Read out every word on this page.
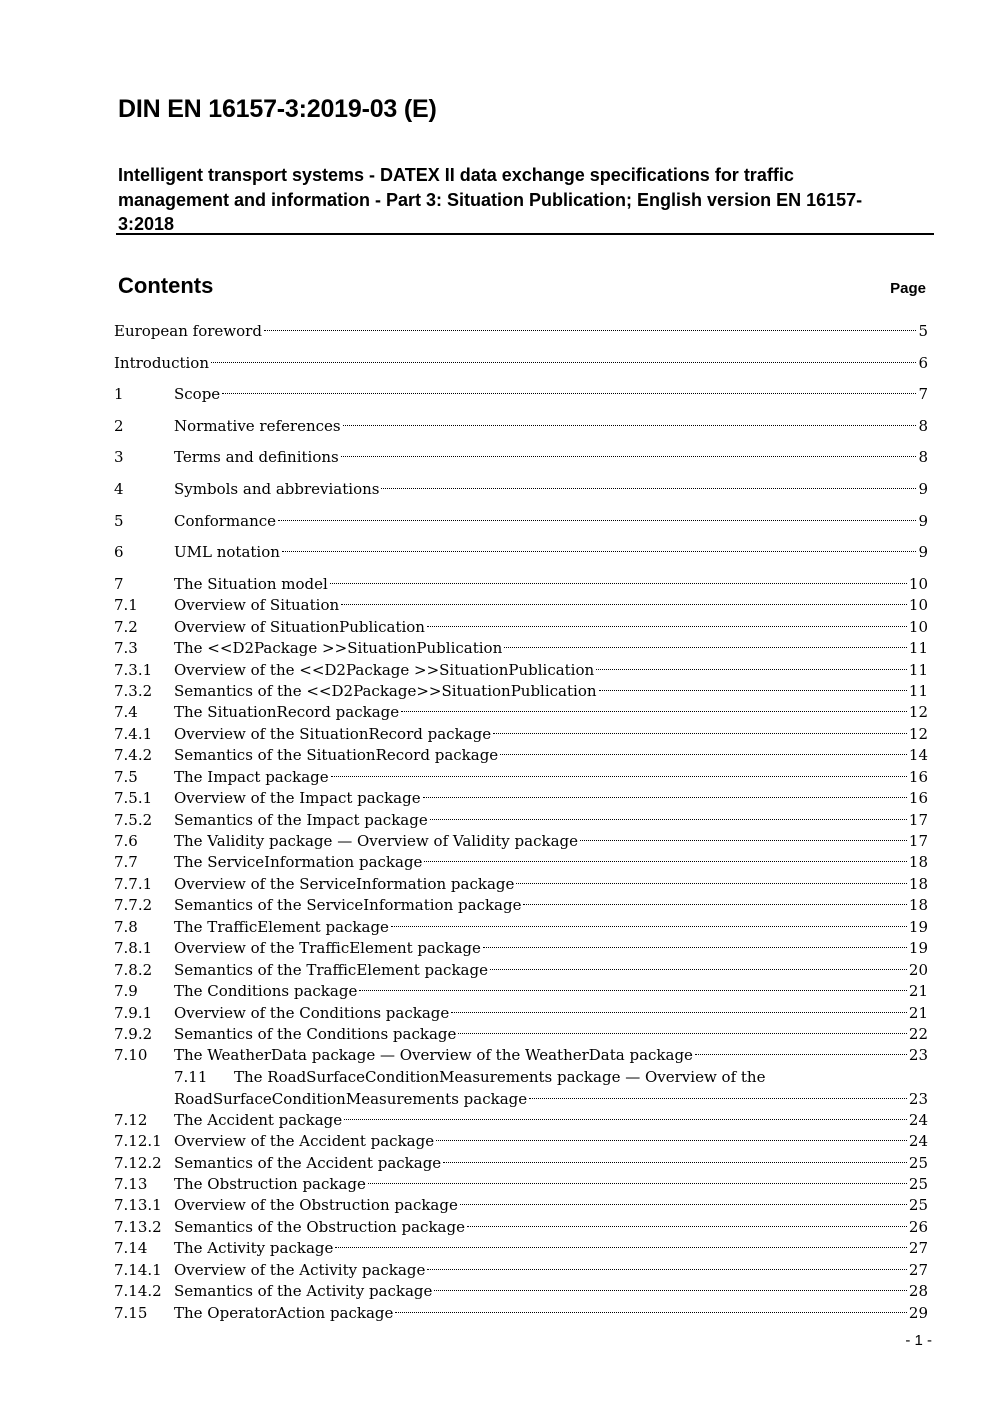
DIN EN 16157-3:2019-03 (E)

Intelligent transport systems - DATEX II data exchange specifications for traffic management and information - Part 3: Situation Publication; English version EN 16157-3:2018

Contents	Page
European foreword	5
Introduction	6
1	Scope	7
2	Normative references	8
3	Terms and definitions	8
4	Symbols and abbreviations	9
5	Conformance	9
6	UML notation	9
7	The Situation model	10
7.1	Overview of Situation	10
7.2	Overview of SituationPublication	10
7.3	The <<D2Package >>SituationPublication	11
7.3.1	Overview of the <<D2Package >>SituationPublication	11
7.3.2	Semantics of the <<D2Package>>SituationPublication	11
7.4	The SituationRecord package	12
7.4.1	Overview of the SituationRecord package	12
7.4.2	Semantics of the SituationRecord package	14
7.5	The Impact package	16
7.5.1	Overview of the Impact package	16
7.5.2	Semantics of the Impact package	17
7.6	The Validity package — Overview of Validity package	17
7.7	The ServiceInformation package	18
7.7.1	Overview of the ServiceInformation package	18
7.7.2	Semantics of the ServiceInformation package	18
7.8	The TrafficElement package	19
7.8.1	Overview of the TrafficElement package	19
7.8.2	Semantics of the TrafficElement package	20
7.9	The Conditions package	21
7.9.1	Overview of the Conditions package	21
7.9.2	Semantics of the Conditions package	22
7.10	The WeatherData package — Overview of the WeatherData package	23
7.11	The RoadSurfaceConditionMeasurements package — Overview of the
RoadSurfaceConditionMeasurements package	23
7.12	The Accident package	24
7.12.1 Overview of the Accident package	24
7.12.2 Semantics of the Accident package	25
7.13	The Obstruction package	25
7.13.1 Overview of the Obstruction package	25
7.13.2 Semantics of the Obstruction package	26
7.14	The Activity package	27
7.14.1 Overview of the Activity package	27
7.14.2 Semantics of the Activity package	28
7.15	The OperatorAction package	29
- 1 -
